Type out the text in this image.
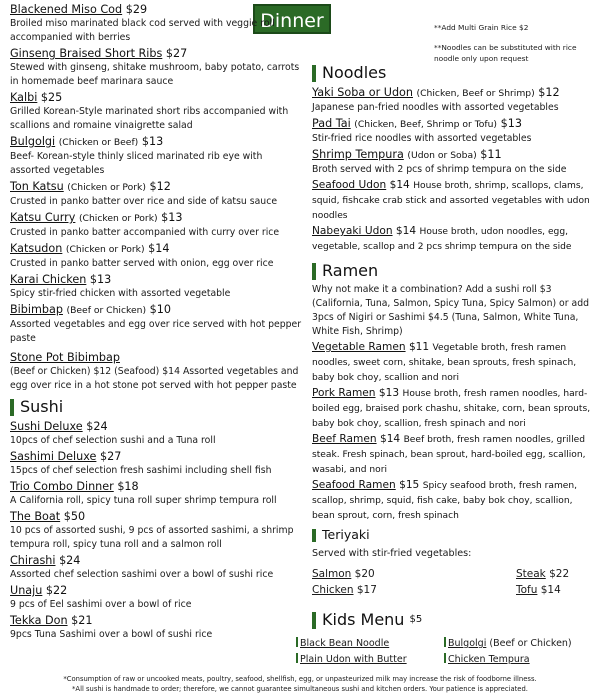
Dinner	**Add Multi Grain Rice $2
**Noodles can be substituted with rice noodle only upon request
Blackened Miso Cod $29
Broiled miso marinated black cod served with veggie roll accompanied with berries
Ginseng Braised Short Ribs $27
Stewed with ginseng, shitake mushroom, baby potato, carrots in homemade beef marinara sauce
Kalbi $25
Grilled Korean-Style marinated short ribs accompanied with scallions and romaine vinaigrette salad
Bulgolgi (Chicken or Beef) $13
Beef- Korean-style thinly sliced marinated rib eye with assorted vegetables
Ton Katsu (Chicken or Pork) $12
Crusted in panko batter over rice and side of katsu sauce
Katsu Curry (Chicken or Pork) $13
Crusted in panko batter accompanied with curry over rice
Katsudon (Chicken or Pork) $14
Crusted in panko batter served with onion, egg over rice
Karai Chicken $13
Spicy stir-fried chicken with assorted vegetable
Bibimbap (Beef or Chicken) $10
Assorted vegetables and egg over rice served with hot pepper paste
Stone Pot Bibimbap
(Beef or Chicken) $12 (Seafood) $14 Assorted vegetables and egg over rice in a hot stone pot served with hot pepper paste
Sushi
Sushi Deluxe $24
10pcs of chef selection sushi and a Tuna roll
Sashimi Deluxe $27
15pcs of chef selection fresh sashimi including shell fish
Trio Combo Dinner $18
A California roll, spicy tuna roll super shrimp tempura roll
The Boat $50
10 pcs of assorted sushi, 9 pcs of assorted sashimi, a shrimp tempura roll, spicy tuna roll and a salmon roll
Chirashi $24
Assorted chef selection sashimi over a bowl of sushi rice
Unaju $22
9 pcs of Eel sashimi over a bowl of rice
Tekka Don $21
9pcs Tuna Sashimi over a bowl of sushi rice
Noodles
Yaki Soba or Udon (Chicken, Beef or Shrimp) $12
Japanese pan-fried noodles with assorted vegetables
Pad Tai (Chicken, Beef, Shrimp or Tofu) $13
Stir-fried rice noodles with assorted vegetables
Shrimp Tempura (Udon or Soba) $11
Broth served with 2 pcs of shrimp tempura on the side
Seafood Udon $14 House broth, shrimp, scallops, clams, squid, fishcake crab stick and assorted vegetables with udon noodles
Nabeyaki Udon $14 House broth, udon noodles, egg, vegetable, scallop and 2 pcs shrimp tempura on the side
Ramen
Why not make it a combination? Add a sushi roll $3 (California, Tuna, Salmon, Spicy Tuna, Spicy Salmon) or add 3pcs of Nigiri or Sashimi $4.5 (Tuna, Salmon, White Tuna, White Fish, Shrimp)
Vegetable Ramen $11 Vegetable broth, fresh ramen noodles, sweet corn, shitake, bean sprouts, fresh spinach, baby bok choy, scallion and nori
Pork Ramen $13 House broth, fresh ramen noodles, hard- boiled egg, braised pork chashu, shitake, corn, bean sprouts, baby bok choy, scallion, fresh spinach and nori
Beef Ramen $14 Beef broth, fresh ramen noodles, grilled steak. Fresh spinach, bean sprout, hard-boiled egg, scallion, wasabi, and nori
Seafood Ramen $15 Spicy seafood broth, fresh ramen, scallop, shrimp, squid, fish cake, baby bok choy, scallion, bean sprout, corn, fresh spinach
Teriyaki
Served with stir-fried vegetables:
Salmon $20	Steak $22
Chicken $17	Tofu $14
Kids Menu
$5
Black Bean Noodle	Bulgolgi (Beef or Chicken)
Plain Udon with Butter	Chicken Tempura
*Consumption of raw or uncooked meats, poultry, seafood, shellfish, egg, or unpasteurized milk may increase the risk of foodborne illness.
*All sushi is handmade to order; therefore, we cannot guarantee simultaneous sushi and kitchen orders. Your patience is appreciated.
